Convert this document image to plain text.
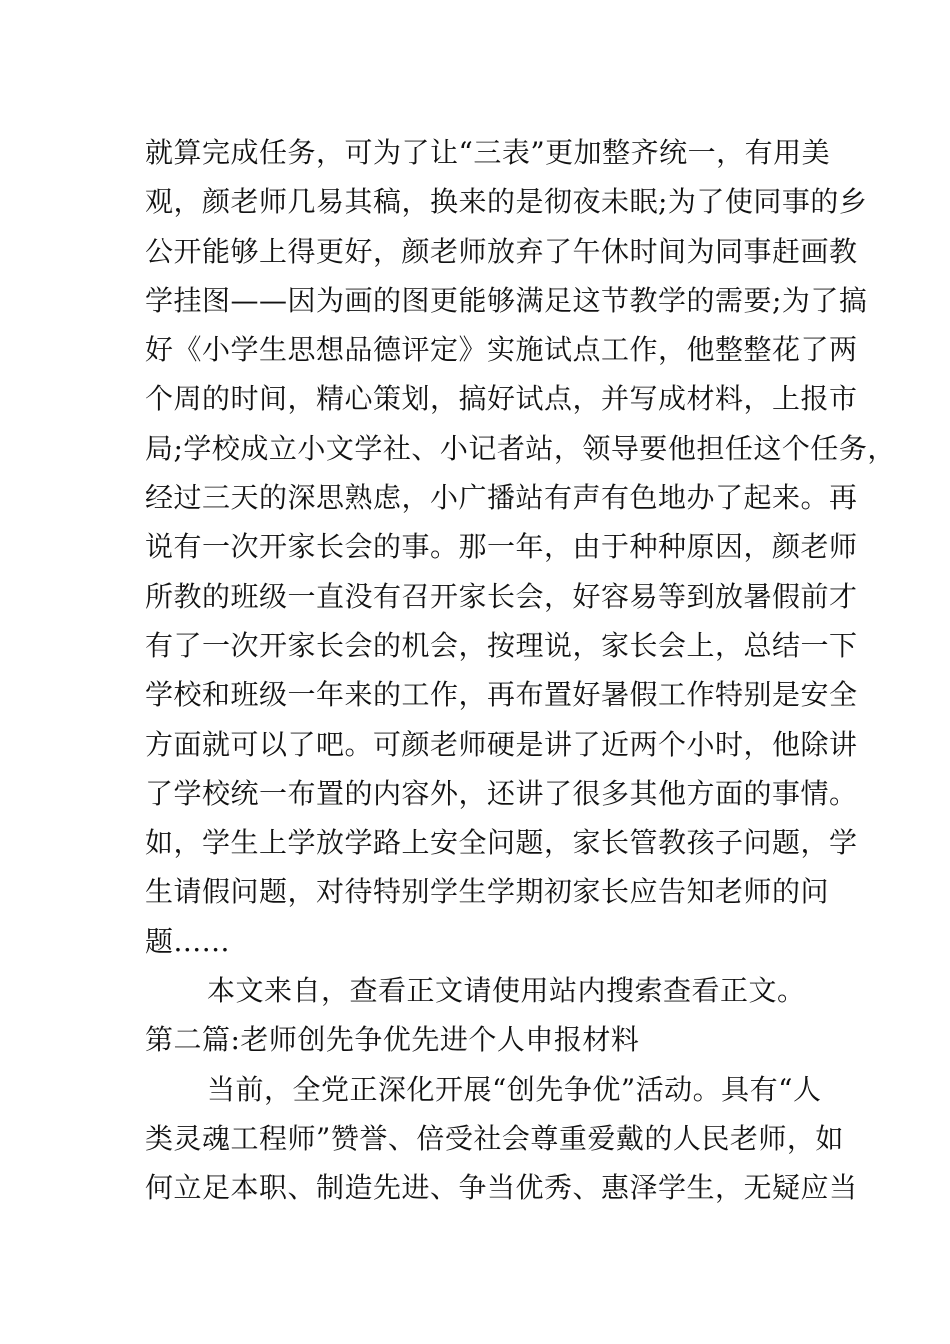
就算完成任务，可为了让“三表”更加整齐统一，有用美
观，颜老师几易其稿，换来的是彻夜未眠;为了使同事的乡
公开能够上得更好，颜老师放弃了午休时间为同事赶画教
学挂图——因为画的图更能够满足这节教学的需要;为了搞
好《小学生思想品德评定》实施试点工作，他整整花了两
个周的时间，精心策划，搞好试点，并写成材料，上报市
局;学校成立小文学社、小记者站，领导要他担任这个任务，
经过三天的深思熟虑，小广播站有声有色地办了起来。再
说有一次开家长会的事。那一年，由于种种原因，颜老师
所教的班级一直没有召开家长会，好容易等到放暑假前才
有了一次开家长会的机会，按理说，家长会上，总结一下
学校和班级一年来的工作，再布置好暑假工作特别是安全
方面就可以了吧。可颜老师硬是讲了近两个小时，他除讲
了学校统一布置的内容外，还讲了很多其他方面的事情。
如，学生上学放学路上安全问题，家长管教孩子问题，学
生请假问题，对待特别学生学期初家长应告知老师的问
题......
本文来自，查看正文请使用站内搜索查看正文。
第二篇:老师创先争优先进个人申报材料
当前，全党正深化开展“创先争优”活动。具有“人
类灵魂工程师”赞誉、倍受社会尊重爱戴的人民老师，如
何立足本职、制造先进、争当优秀、惠泽学生，无疑应当
